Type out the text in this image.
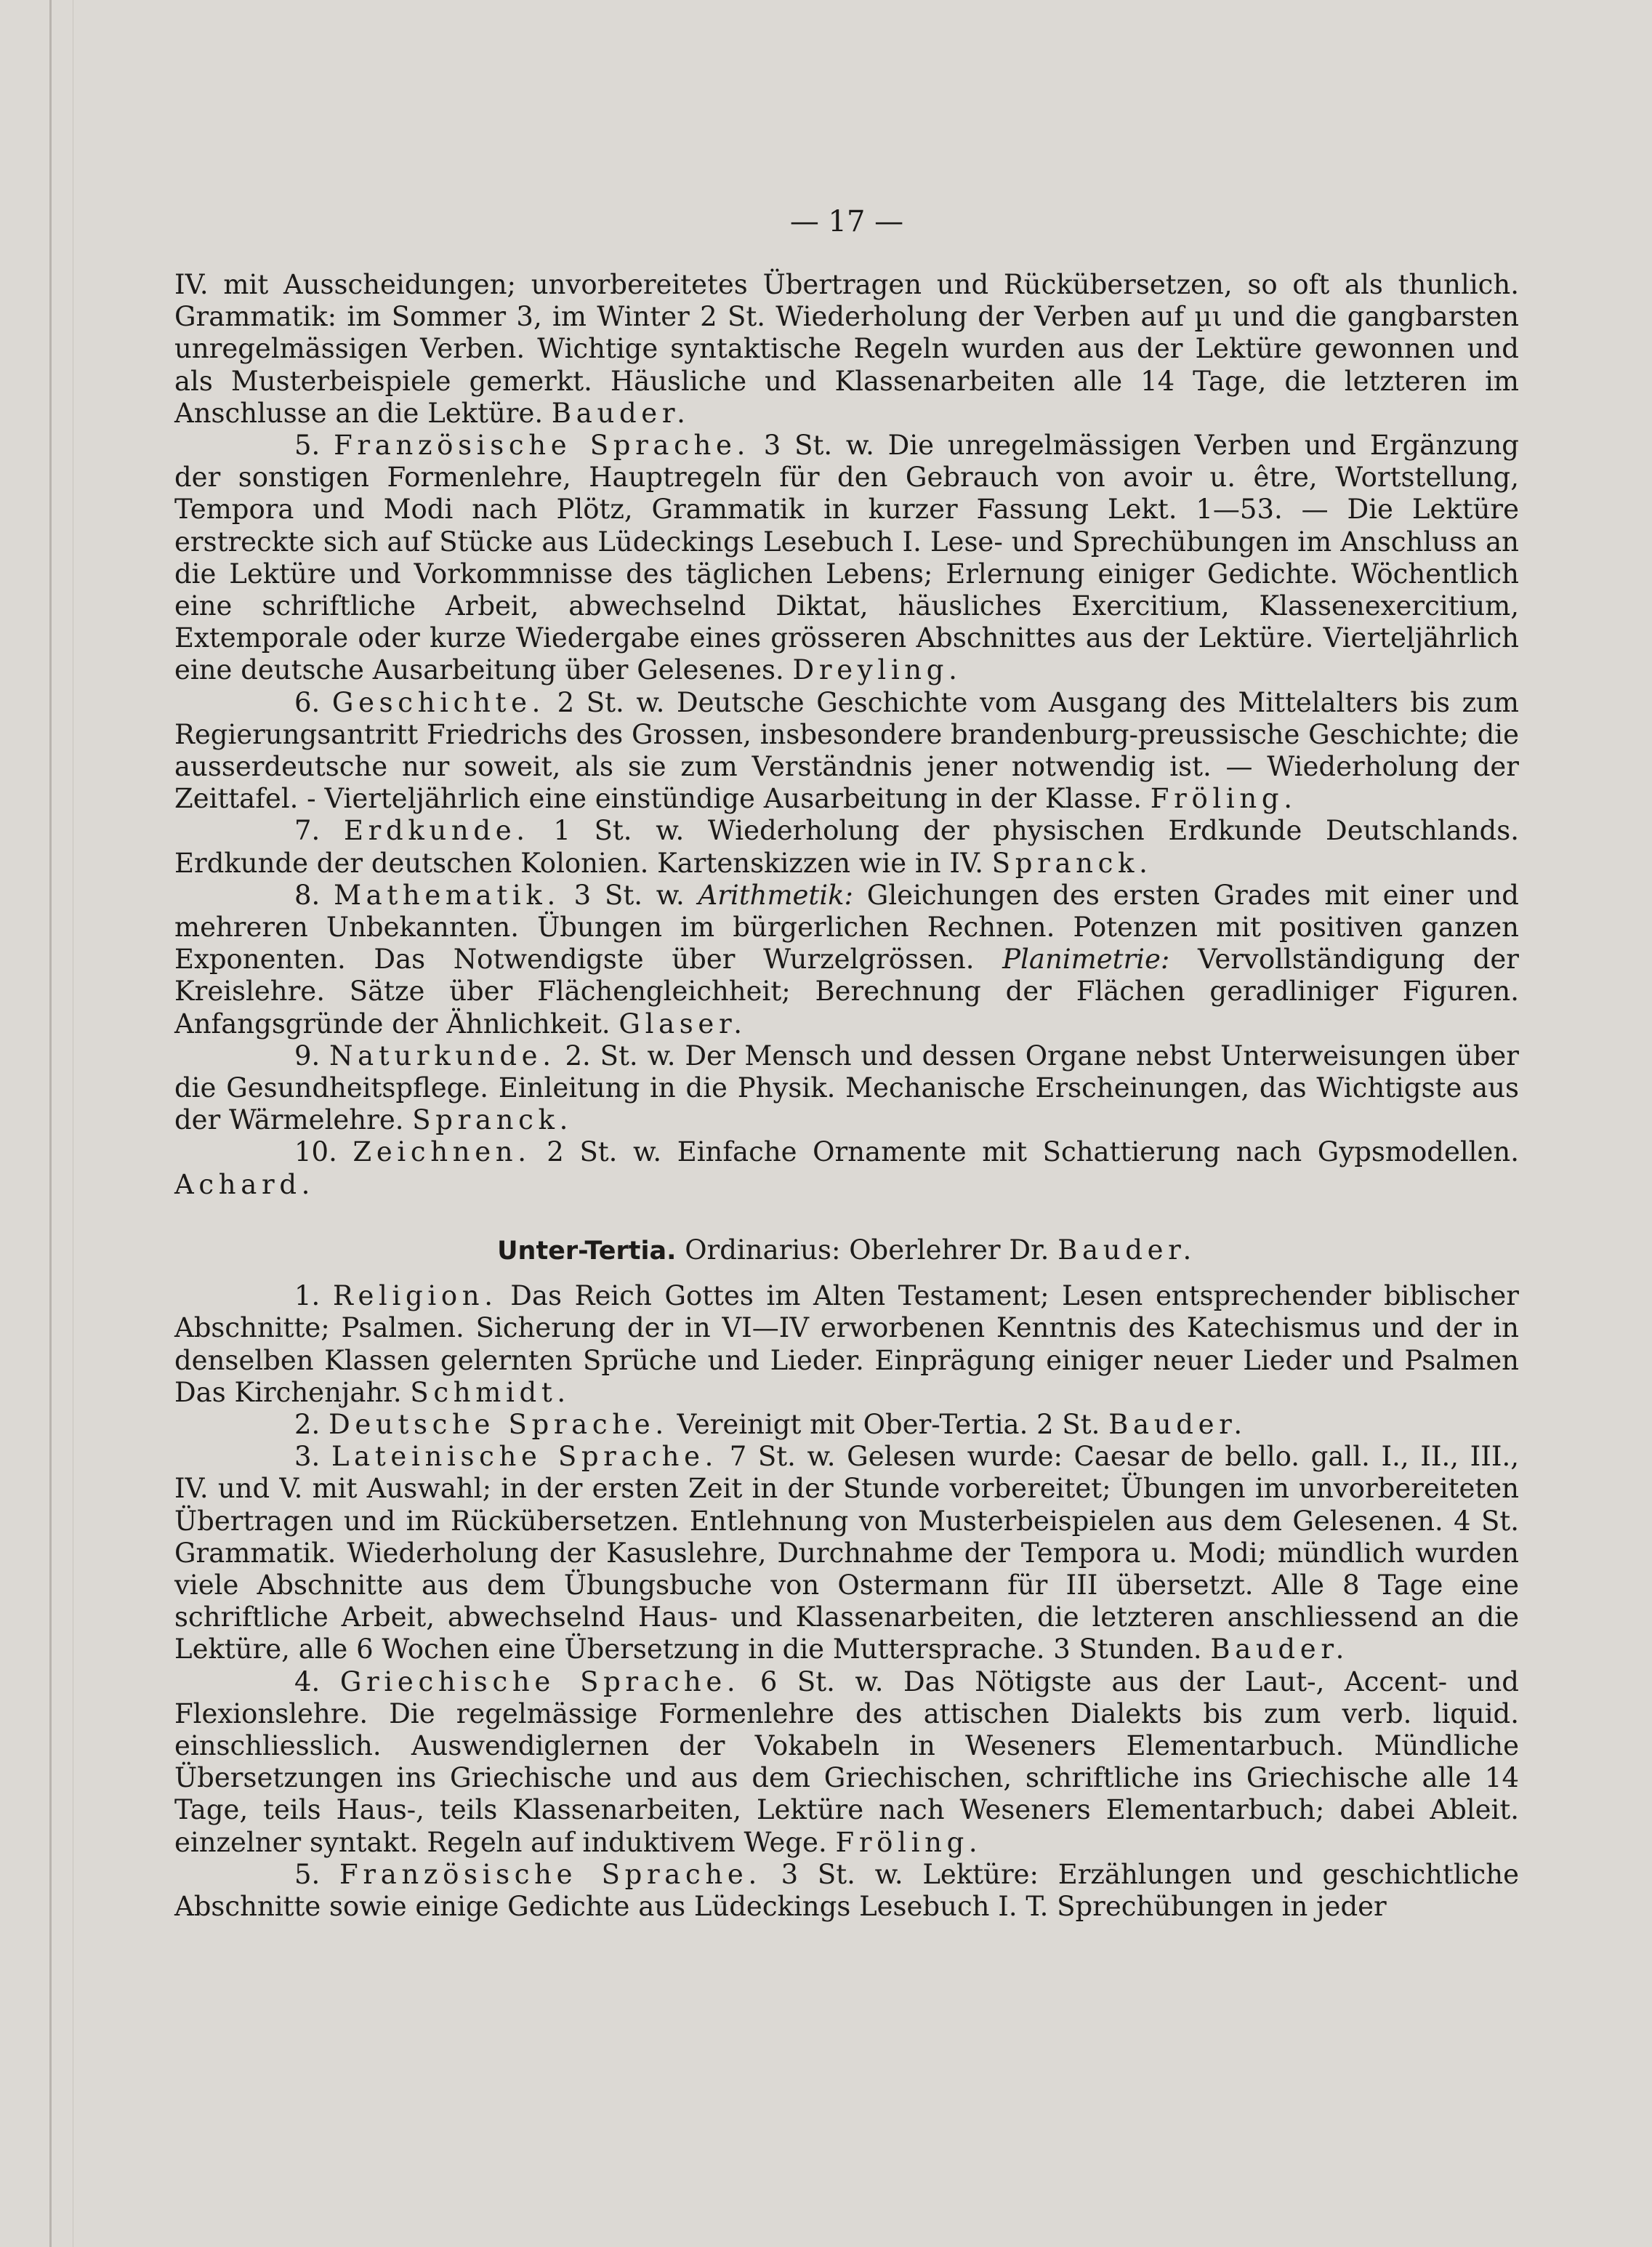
— 17 —

IV. mit Ausscheidungen; unvorbereitetes Übertragen und Rückübersetzen, so oft als thunlich. Grammatik: im Sommer 3, im Winter 2 St. Wiederholung der Verben auf µι und die gangbarsten unregelmässigen Verben. Wichtige syntaktische Regeln wurden aus der Lektüre gewonnen und als Musterbeispiele gemerkt. Häusliche und Klassenarbeiten alle 14 Tage, die letzteren im Anschlusse an die Lektüre. Bauder.

5. Französische Sprache. 3 St. w. Die unregelmässigen Verben und Ergänzung der sonstigen Formenlehre, Hauptregeln für den Gebrauch von avoir u. être, Wortstellung, Tempora und Modi nach Plötz, Grammatik in kurzer Fassung Lekt. 1—53. — Die Lektüre erstreckte sich auf Stücke aus Lüdeckings Lesebuch I. Lese- und Sprechübungen im Anschluss an die Lektüre und Vorkommnisse des täglichen Lebens; Erlernung einiger Gedichte. Wöchentlich eine schriftliche Arbeit, abwechselnd Diktat, häusliches Exercitium, Klassenexercitium, Extemporale oder kurze Wiedergabe eines grösseren Abschnittes aus der Lektüre. Vierteljährlich eine deutsche Ausarbeitung über Gelesenes. Dreyling.

6. Geschichte. 2 St. w. Deutsche Geschichte vom Ausgang des Mittelalters bis zum Regierungsantritt Friedrichs des Grossen, insbesondere brandenburg-preussische Geschichte; die ausserdeutsche nur soweit, als sie zum Verständnis jener notwendig ist. — Wiederholung der Zeittafel. - Vierteljährlich eine einstündige Ausarbeitung in der Klasse. Fröling.

7. Erdkunde. 1 St. w. Wiederholung der physischen Erdkunde Deutschlands. Erdkunde der deutschen Kolonien. Kartenskizzen wie in IV. Spranck.

8. Mathematik. 3 St. w. Arithmetik: Gleichungen des ersten Grades mit einer und mehreren Unbekannten. Übungen im bürgerlichen Rechnen. Potenzen mit positiven ganzen Exponenten. Das Notwendigste über Wurzelgrössen. Planimetrie: Vervollständigung der Kreislehre. Sätze über Flächengleichheit; Berechnung der Flächen geradliniger Figuren. Anfangsgründe der Ähnlichkeit. Glaser.

9. Naturkunde. 2. St. w. Der Mensch und dessen Organe nebst Unterweisungen über die Gesundheitspflege. Einleitung in die Physik. Mechanische Erscheinungen, das Wichtigste aus der Wärmelehre. Spranck.

10. Zeichnen. 2 St. w. Einfache Ornamente mit Schattierung nach Gypsmodellen. Achard.

Unter-Tertia. Ordinarius: Oberlehrer Dr. Bauder.

1. Religion. Das Reich Gottes im Alten Testament; Lesen entsprechender biblischer Abschnitte; Psalmen. Sicherung der in VI—IV erworbenen Kenntnis des Katechismus und der in denselben Klassen gelernten Sprüche und Lieder. Einprägung einiger neuer Lieder und Psalmen Das Kirchenjahr. Schmidt.

2. Deutsche Sprache. Vereinigt mit Ober-Tertia. 2 St. Bauder.

3. Lateinische Sprache. 7 St. w. Gelesen wurde: Caesar de bello. gall. I., II., III., IV. und V. mit Auswahl; in der ersten Zeit in der Stunde vorbereitet; Übungen im unvorbereiteten Übertragen und im Rückübersetzen. Entlehnung von Musterbeispielen aus dem Gelesenen. 4 St. Grammatik. Wiederholung der Kasuslehre, Durchnahme der Tempora u. Modi; mündlich wurden viele Abschnitte aus dem Übungsbuche von Ostermann für III übersetzt. Alle 8 Tage eine schriftliche Arbeit, abwechselnd Haus- und Klassenarbeiten, die letzteren anschliessend an die Lektüre, alle 6 Wochen eine Übersetzung in die Muttersprache. 3 Stunden. Bauder.

4. Griechische Sprache. 6 St. w. Das Nötigste aus der Laut-, Accent- und Flexionslehre. Die regelmässige Formenlehre des attischen Dialekts bis zum verb. liquid. einschliesslich. Auswendiglernen der Vokabeln in Weseners Elementarbuch. Mündliche Übersetzungen ins Griechische und aus dem Griechischen, schriftliche ins Griechische alle 14 Tage, teils Haus-, teils Klassenarbeiten, Lektüre nach Weseners Elementarbuch; dabei Ableit. einzelner syntakt. Regeln auf induktivem Wege. Fröling.

5. Französische Sprache. 3 St. w. Lektüre: Erzählungen und geschichtliche Abschnitte sowie einige Gedichte aus Lüdeckings Lesebuch I. T. Sprechübungen in jeder
